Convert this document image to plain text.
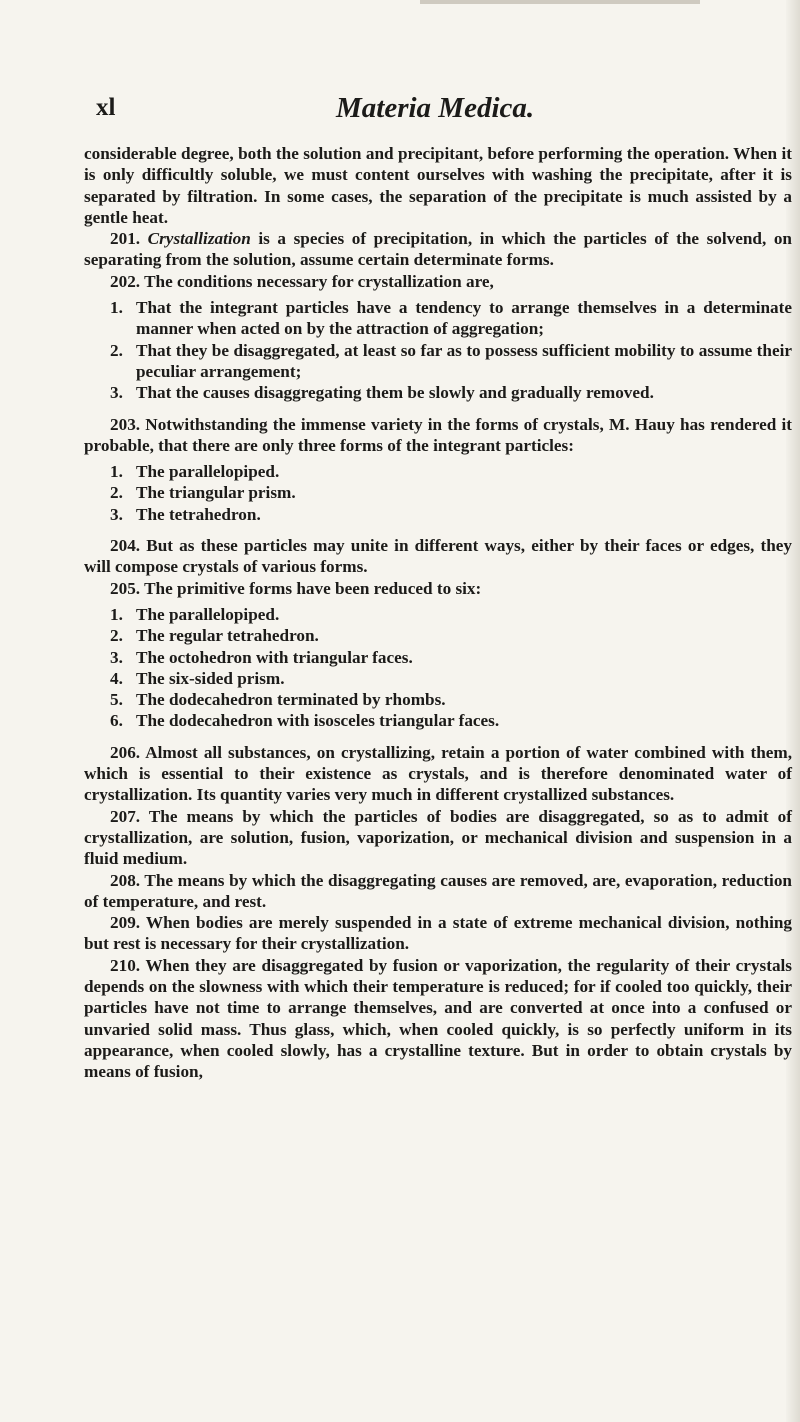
xl	Materia Medica.

considerable degree, both the solution and precipitant, before performing the operation. When it is only difficultly soluble, we must content ourselves with washing the precipitate, after it is separated by filtration. In some cases, the separation of the precipitate is much assisted by a gentle heat.

201. Crystallization is a species of precipitation, in which the particles of the solvend, on separating from the solution, assume certain determinate forms.

202. The conditions necessary for crystallization are,

1. That the integrant particles have a tendency to arrange themselves in a determinate manner when acted on by the attraction of aggregation;
2. That they be disaggregated, at least so far as to possess sufficient mobility to assume their peculiar arrangement;
3. That the causes disaggregating them be slowly and gradually removed.

203. Notwithstanding the immense variety in the forms of crystals, M. Hauy has rendered it probable, that there are only three forms of the integrant particles:

1. The parallelopiped.
2. The triangular prism.
3. The tetrahedron.

204. But as these particles may unite in different ways, either by their faces or edges, they will compose crystals of various forms.

205. The primitive forms have been reduced to six:

1. The parallelopiped.
2. The regular tetrahedron.
3. The octohedron with triangular faces.
4. The six-sided prism.
5. The dodecahedron terminated by rhombs.
6. The dodecahedron with isosceles triangular faces.

206. Almost all substances, on crystallizing, retain a portion of water combined with them, which is essential to their existence as crystals, and is therefore denominated water of crystallization. Its quantity varies very much in different crystallized substances.

207. The means by which the particles of bodies are disaggregated, so as to admit of crystallization, are solution, fusion, vaporization, or mechanical division and suspension in a fluid medium.

208. The means by which the disaggregating causes are removed, are, evaporation, reduction of temperature, and rest.

209. When bodies are merely suspended in a state of extreme mechanical division, nothing but rest is necessary for their crystallization.

210. When they are disaggregated by fusion or vaporization, the regularity of their crystals depends on the slowness with which their temperature is reduced; for if cooled too quickly, their particles have not time to arrange themselves, and are converted at once into a confused or unvaried solid mass. Thus glass, which, when cooled quickly, is so perfectly uniform in its appearance, when cooled slowly, has a crystalline texture. But in order to obtain crystals by means of fusion,
